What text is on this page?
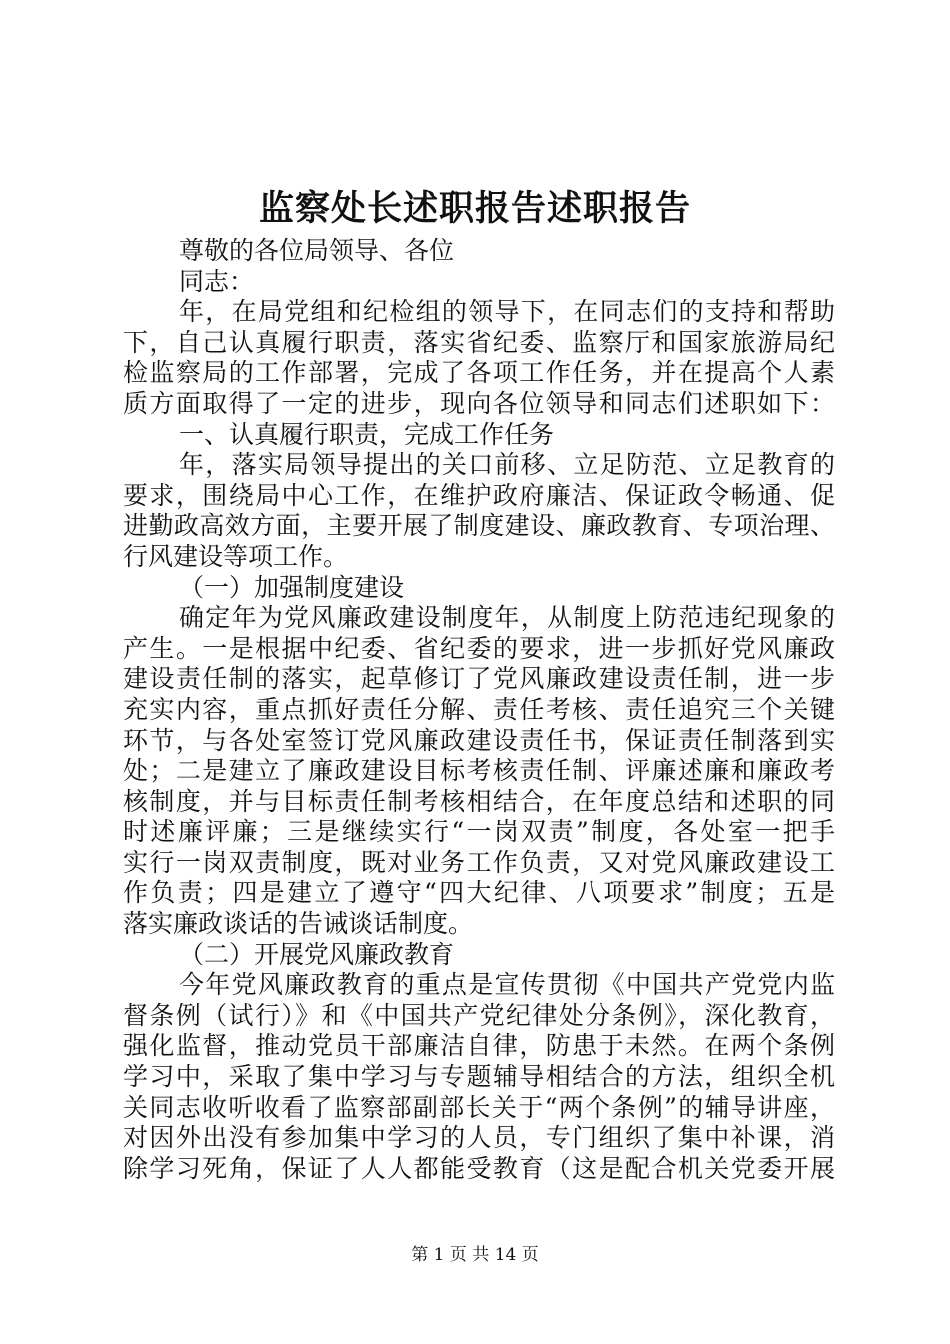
监察处长述职报告述职报告
尊敬的各位局领导、各位
同志：
年，在局党组和纪检组的领导下，在同志们的支持和帮助
下，自己认真履行职责，落实省纪委、监察厅和国家旅游局纪
检监察局的工作部署，完成了各项工作任务，并在提高个人素
质方面取得了一定的进步，现向各位领导和同志们述职如下：
一、认真履行职责，完成工作任务
年，落实局领导提出的关口前移、立足防范、立足教育的
要求，围绕局中心工作，在维护政府廉洁、保证政令畅通、促
进勤政高效方面，主要开展了制度建设、廉政教育、专项治理、
行风建设等项工作。
（一）加强制度建设
确定年为党风廉政建设制度年，从制度上防范违纪现象的
产生。一是根据中纪委、省纪委的要求，进一步抓好党风廉政
建设责任制的落实，起草修订了党风廉政建设责任制，进一步
充实内容，重点抓好责任分解、责任考核、责任追究三个关键
环节，与各处室签订党风廉政建设责任书，保证责任制落到实
处；二是建立了廉政建设目标考核责任制、评廉述廉和廉政考
核制度，并与目标责任制考核相结合，在年度总结和述职的同
时述廉评廉；三是继续实行“一岗双责”制度，各处室一把手
实行一岗双责制度，既对业务工作负责，又对党风廉政建设工
作负责；四是建立了遵守“四大纪律、八项要求”制度；五是
落实廉政谈话的告诫谈话制度。
（二）开展党风廉政教育
今年党风廉政教育的重点是宣传贯彻《中国共产党党内监
督条例（试行）》和《中国共产党纪律处分条例》，深化教育，
强化监督，推动党员干部廉洁自律，防患于未然。在两个条例
学习中，采取了集中学习与专题辅导相结合的方法，组织全机
关同志收听收看了监察部副部长关于“两个条例”的辅导讲座，
对因外出没有参加集中学习的人员，专门组织了集中补课，消
除学习死角，保证了人人都能受教育（这是配合机关党委开展
第 1 页 共 14 页
